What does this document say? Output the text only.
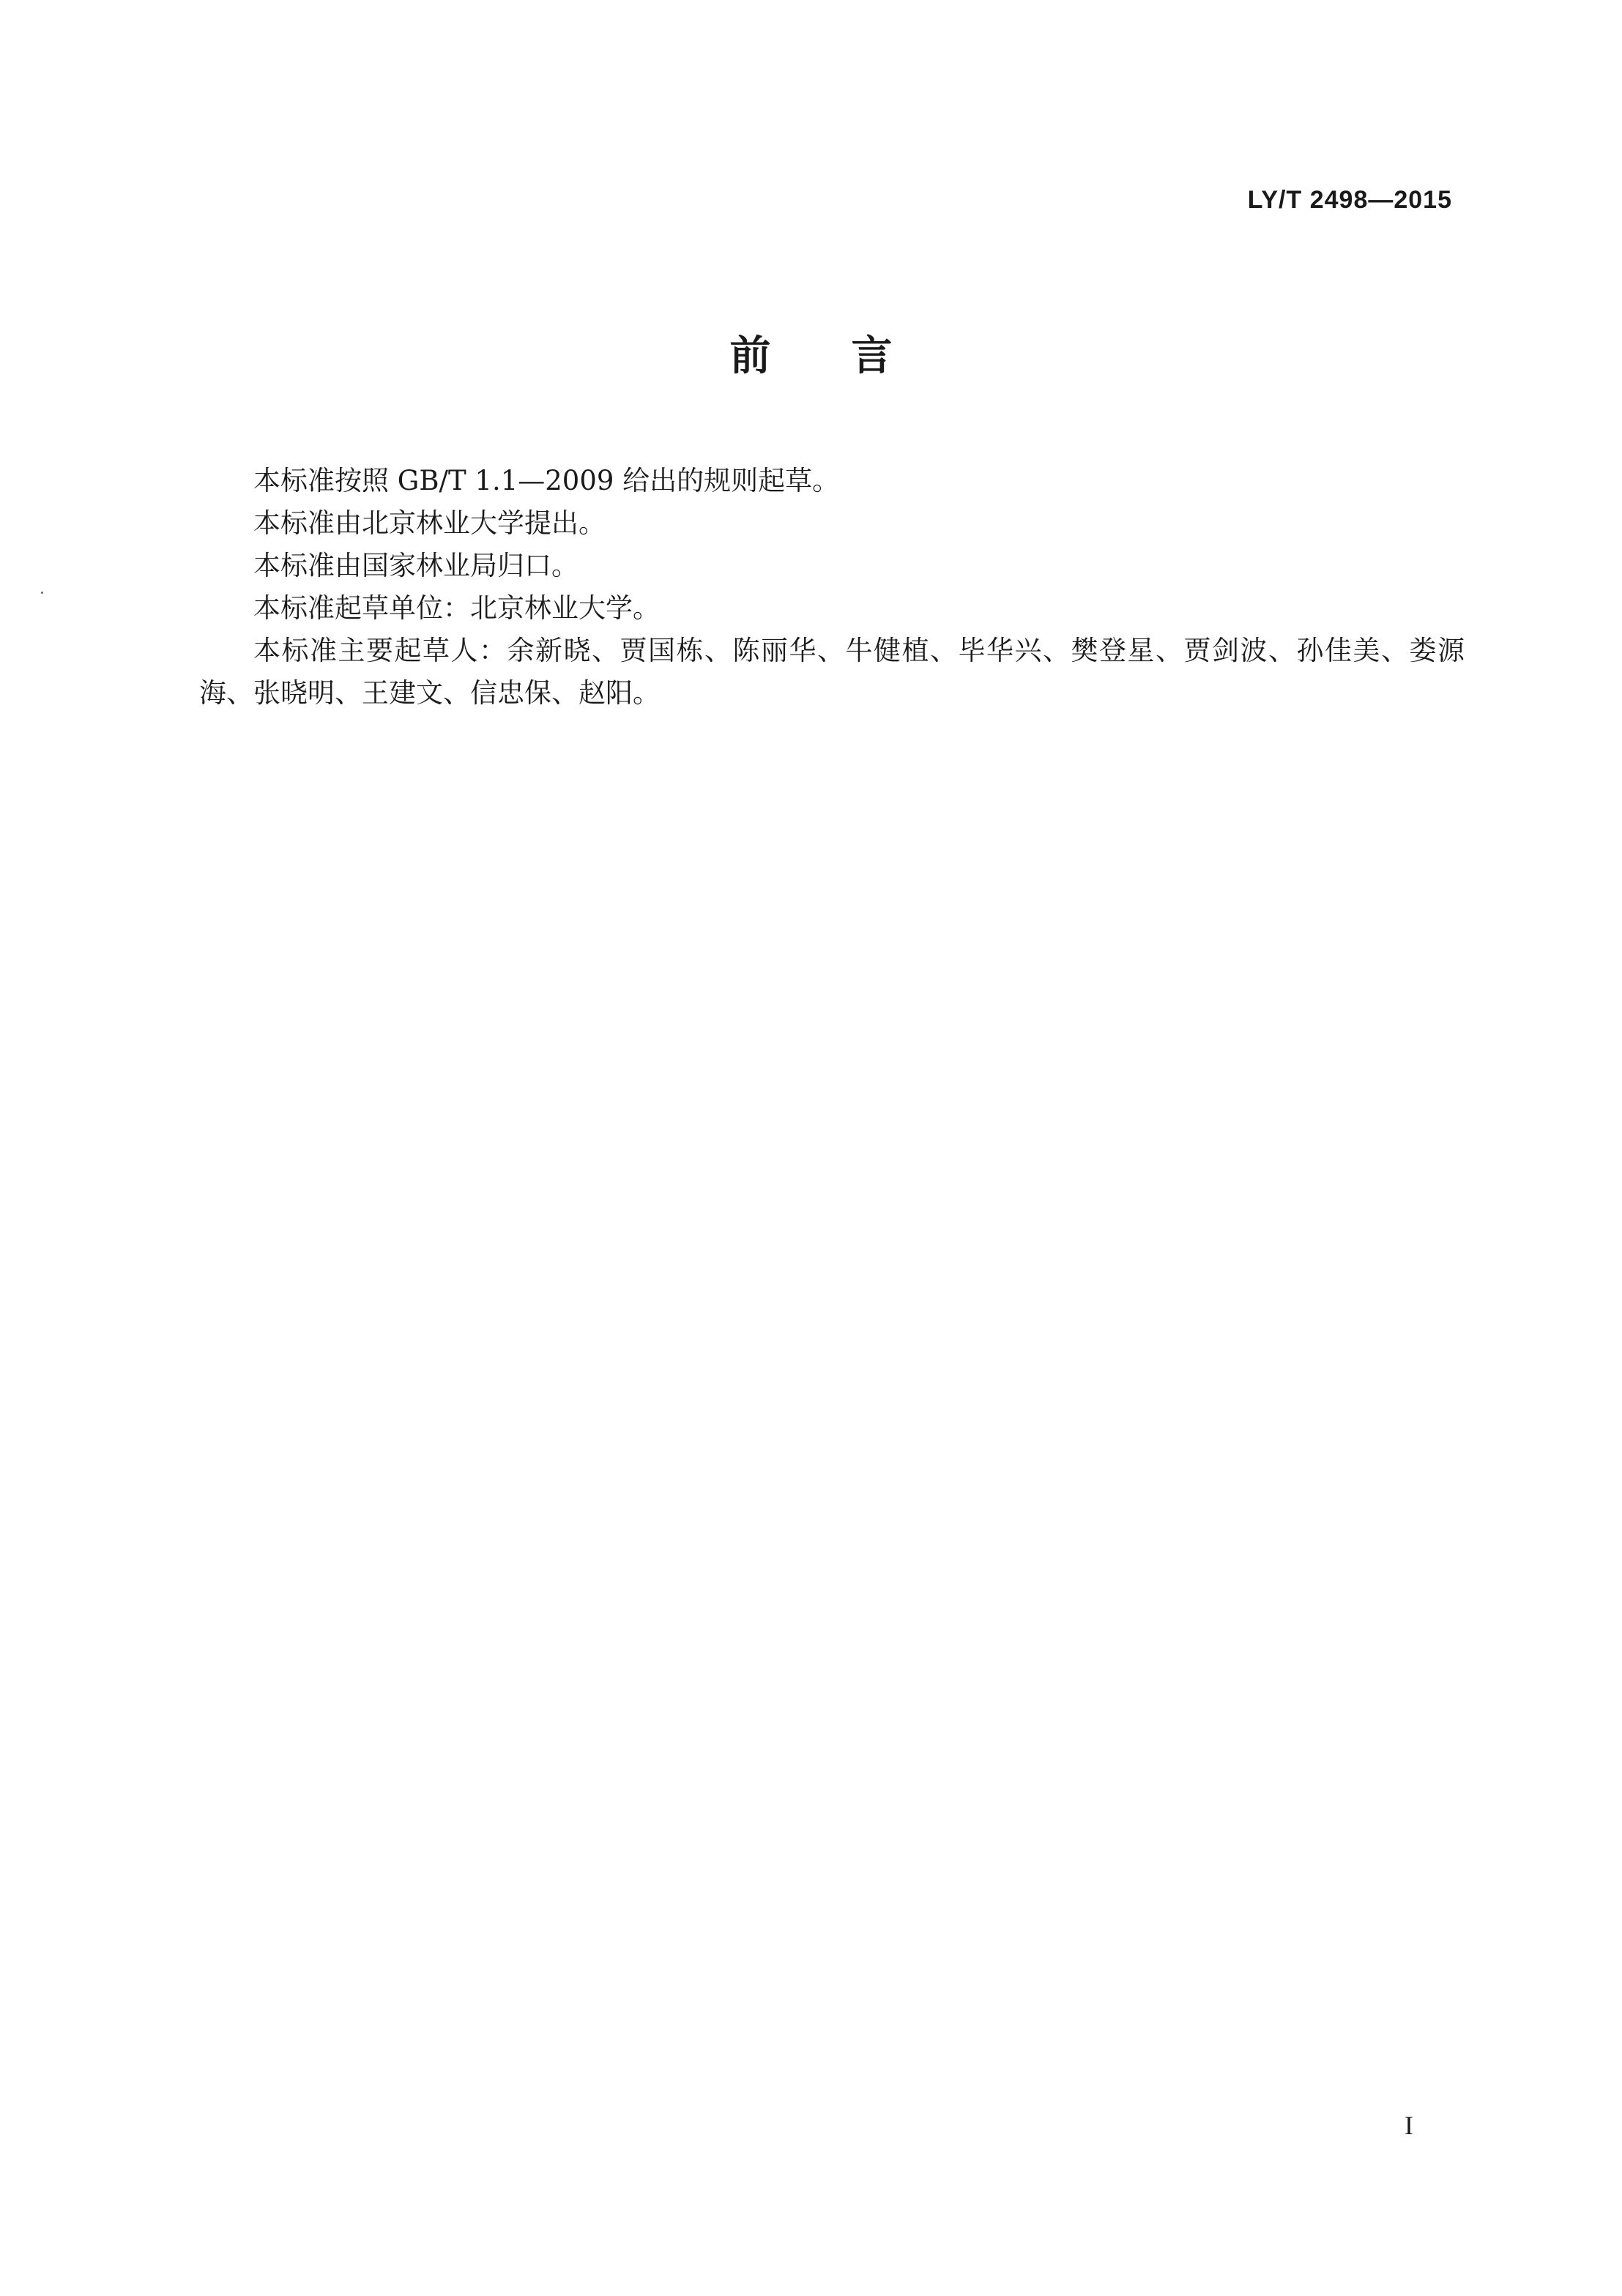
LY/T 2498—2015
前 言

本标准按照 GB/T 1.1—2009 给出的规则起草。

本标准由北京林业大学提出。

本标准由国家林业局归口。

本标准起草单位：北京林业大学。

本标准主要起草人：余新晓、贾国栋、陈丽华、牛健植、毕华兴、樊登星、贾剑波、孙佳美、娄源海、张晓明、王建文、信忠保、赵阳。

I
